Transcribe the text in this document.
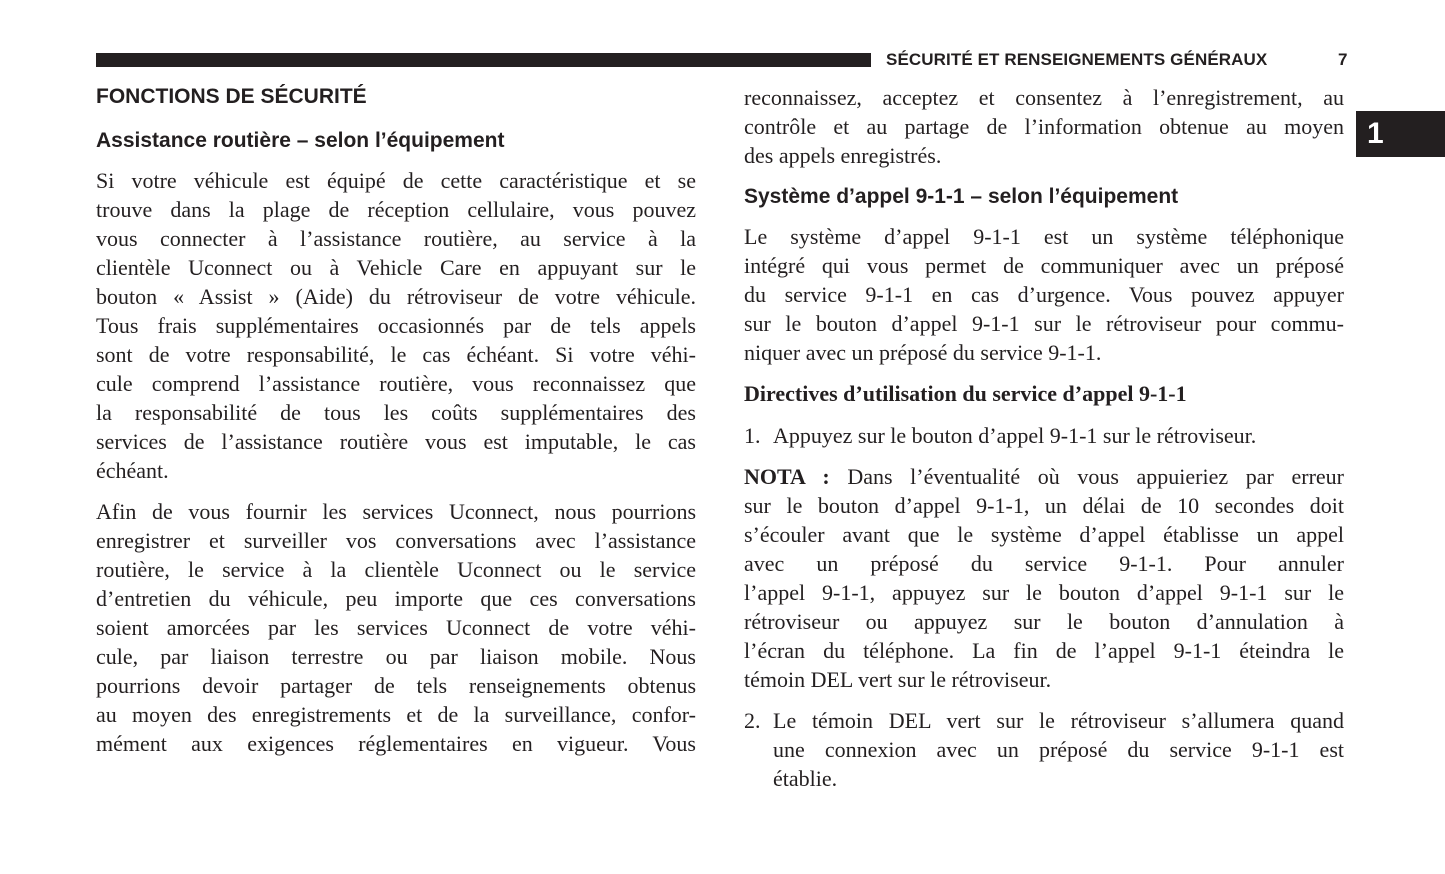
SÉCURITÉ ET RENSEIGNEMENTS GÉNÉRAUX	7
1
FONCTIONS DE SÉCURITÉ
Assistance routière – selon l’équipement
Si votre véhicule est équipé de cette caractéristique et se
trouve dans la plage de réception cellulaire, vous pouvez
vous connecter à l’assistance routière, au service à la
clientèle Uconnect ou à Vehicle Care en appuyant sur le
bouton « Assist » (Aide) du rétroviseur de votre véhicule.
Tous frais supplémentaires occasionnés par de tels appels
sont de votre responsabilité, le cas échéant. Si votre véhi-
cule comprend l’assistance routière, vous reconnaissez que
la responsabilité de tous les coûts supplémentaires des
services de l’assistance routière vous est imputable, le cas
échéant.
Afin de vous fournir les services Uconnect, nous pourrions
enregistrer et surveiller vos conversations avec l’assistance
routière, le service à la clientèle Uconnect ou le service
d’entretien du véhicule, peu importe que ces conversations
soient amorcées par les services Uconnect de votre véhi-
cule, par liaison terrestre ou par liaison mobile. Nous
pourrions devoir partager de tels renseignements obtenus
au moyen des enregistrements et de la surveillance, confor-
mément aux exigences réglementaires en vigueur. Vous
reconnaissez, acceptez et consentez à l’enregistrement, au
contrôle et au partage de l’information obtenue au moyen
des appels enregistrés.
Système d’appel 9-1-1 – selon l’équipement
Le système d’appel 9-1-1 est un système téléphonique
intégré qui vous permet de communiquer avec un préposé
du service 9-1-1 en cas d’urgence. Vous pouvez appuyer
sur le bouton d’appel 9-1-1 sur le rétroviseur pour commu-
niquer avec un préposé du service 9-1-1.
Directives d’utilisation du service d’appel 9-1-1
1. Appuyez sur le bouton d’appel 9-1-1 sur le rétroviseur.
NOTA : Dans l’éventualité où vous appuieriez par erreur
sur le bouton d’appel 9-1-1, un délai de 10 secondes doit
s’écouler avant que le système d’appel établisse un appel
avec un préposé du service 9-1-1. Pour annuler
l’appel 9-1-1, appuyez sur le bouton d’appel 9-1-1 sur le
rétroviseur ou appuyez sur le bouton d’annulation à
l’écran du téléphone. La fin de l’appel 9-1-1 éteindra le
témoin DEL vert sur le rétroviseur.
2. Le témoin DEL vert sur le rétroviseur s’allumera quand
une connexion avec un préposé du service 9-1-1 est
établie.
